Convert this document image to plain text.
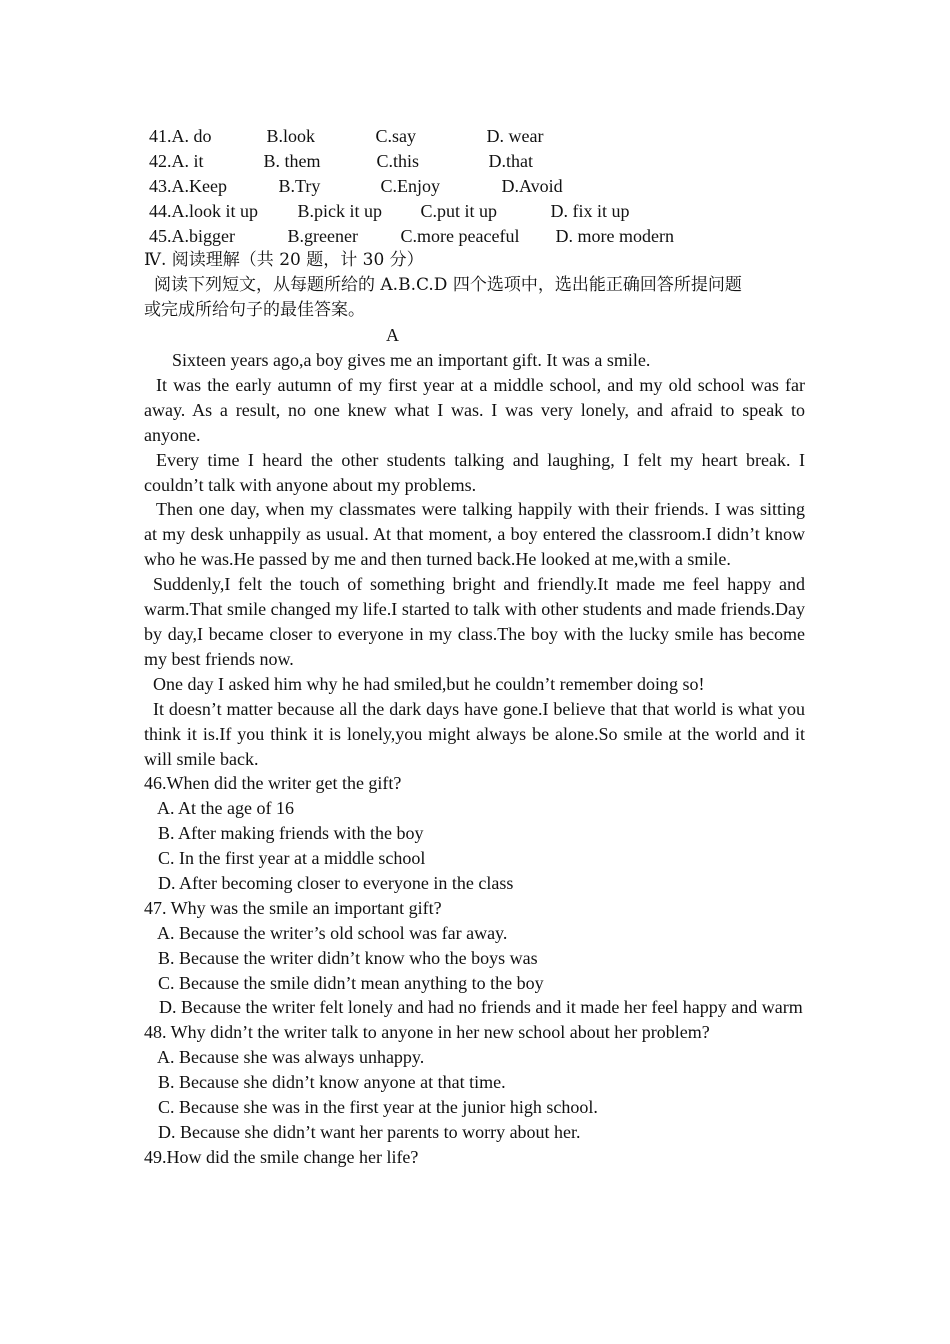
41. A. do	B.look	C.say	D. wear
42. A. it	B. them	C.this	D.that
43. A.Keep	B.Try	C.Enjoy	D.Avoid
44. A.look it up	B.pick it up	C.put it up	D. fix it up
45. A.bigger	B.greener	C.more peaceful	D. more modern
Ⅳ. 阅读理解（共 20 题，计 30 分）
阅读下列短文，从每题所给的 A.B.C.D 四个选项中，选出能正确回答所提问题
或完成所给句子的最佳答案。
A
Sixteen years ago,a boy gives me an important gift. It was a smile.
It was the early autumn of my first year at a middle school, and my old school was far away. As a result, no one knew what I was. I was very lonely, and afraid to speak to anyone.
Every time I heard the other students talking and laughing, I felt my heart break. I couldn’t talk with anyone about my problems.
Then one day, when my classmates were talking happily with their friends. I was sitting at my desk unhappily as usual. At that moment, a boy entered the classroom.I didn’t know who he was.He passed by me and then turned back.He looked at me,with a smile.
Suddenly,I felt the touch of something bright and friendly.It made me feel happy and warm.That smile changed my life.I started to talk with other students and made friends.Day by day,I became closer to everyone in my class.The boy with the lucky smile has become my best friends now.
One day I asked him why he had smiled,but he couldn’t remember doing so!
It doesn’t matter because all the dark days have gone.I believe that that world is what you think it is.If you think it is lonely,you might always be alone.So smile at the world and it will smile back.
46.When did the writer get the gift?
A. At the age of 16
B. After making friends with the boy
C. In the first year at a middle school
D. After becoming closer to everyone in the class
47. Why was the smile an important gift?
A. Because the writer’s old school was far away.
B. Because the writer didn’t know who the boys was
C. Because the smile didn’t mean anything to the boy
D. Because the writer felt lonely and had no friends and it made her feel happy and warm
48. Why didn’t the writer talk to anyone in her new school about her problem?
A. Because she was always unhappy.
B. Because she didn’t know anyone at that time.
C. Because she was in the first year at the junior high school.
D. Because she didn’t want her parents to worry about her.
49.How did the smile change her life?
